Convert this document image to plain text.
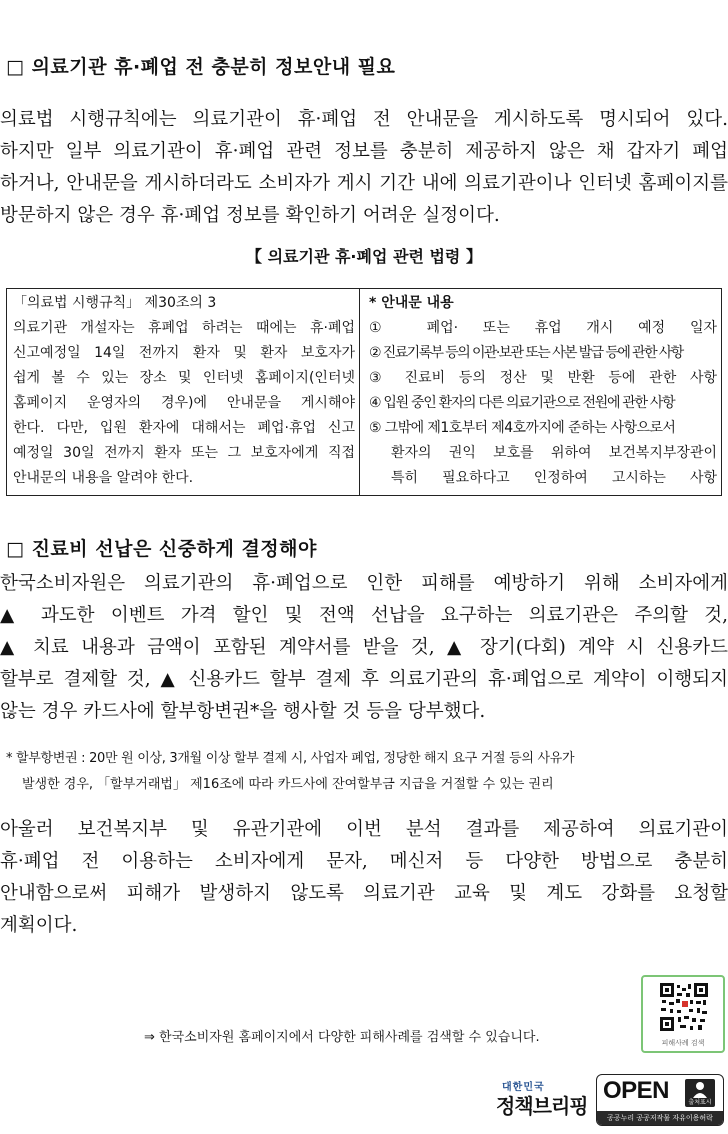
□ 의료기관 휴·폐업 전 충분히 정보안내 필요
의료법 시행규칙에는 의료기관이 휴·폐업 전 안내문을 게시하도록 명시되어 있다.
하지만 일부 의료기관이 휴·폐업 관련 정보를 충분히 제공하지 않은 채 갑자기 폐업
하거나, 안내문을 게시하더라도 소비자가 게시 기간 내에 의료기관이나 인터넷 홈페이지를
방문하지 않은 경우 휴·폐업 정보를 확인하기 어려운 실정이다.
【 의료기관 휴·폐업 관련 법령 】
「의료법 시행규칙」 제30조의 3
의료기관 개설자는 휴폐업 하려는 때에는 휴·폐업
신고예정일 14일 전까지 환자 및 환자 보호자가
쉽게 볼 수 있는 장소 및 인터넷 홈페이지(인터넷
홈페이지 운영자의 경우)에 안내문을 게시해야
한다. 다만, 입원 환자에 대해서는 폐업·휴업 신고
예정일 30일 전까지 환자 또는 그 보호자에게 직접
안내문의 내용을 알려야 한다.
* 안내문 내용
① 폐업· 또는 휴업 개시 예정 일자
② 진료기록부 등의 이관·보관 또는 사본 발급 등에 관한 사항
③ 진료비 등의 정산 및 반환 등에 관한 사항
④ 입원 중인 환자의 다른 의료기관으로 전원에 관한 사항
⑤ 그밖에 제1호부터 제4호까지에 준하는 사항으로서
환자의 권익 보호를 위하여 보건복지부장관이
특히 필요하다고 인정하여 고시하는 사항
□ 진료비 선납은 신중하게 결정해야
한국소비자원은 의료기관의 휴·폐업으로 인한 피해를 예방하기 위해 소비자에게
▲ 과도한 이벤트 가격 할인 및 전액 선납을 요구하는 의료기관은 주의할 것,
▲ 치료 내용과 금액이 포함된 계약서를 받을 것, ▲ 장기(다회) 계약 시 신용카드
할부로 결제할 것, ▲ 신용카드 할부 결제 후 의료기관의 휴·폐업으로 계약이 이행되지
않는 경우 카드사에 할부항변권*을 행사할 것 등을 당부했다.
* 할부항변권 : 20만 원 이상, 3개월 이상 할부 결제 시, 사업자 폐업, 정당한 해지 요구 거절 등의 사유가
발생한 경우, 「할부거래법」 제16조에 따라 카드사에 잔여할부금 지급을 거절할 수 있는 권리
아울러 보건복지부 및 유관기관에 이번 분석 결과를 제공하여 의료기관이
휴·폐업 전 이용하는 소비자에게 문자, 메신저 등 다양한 방법으로 충분히
안내함으로써 피해가 발생하지 않도록 의료기관 교육 및 계도 강화를 요청할
계획이다.
⇒ 한국소비자원 홈페이지에서 다양한 피해사례를 검색할 수 있습니다.	피해사례 검색
대한민국
정책브리핑
OPEN	출처표시
공공누리 공공저작물 자유이용허락
